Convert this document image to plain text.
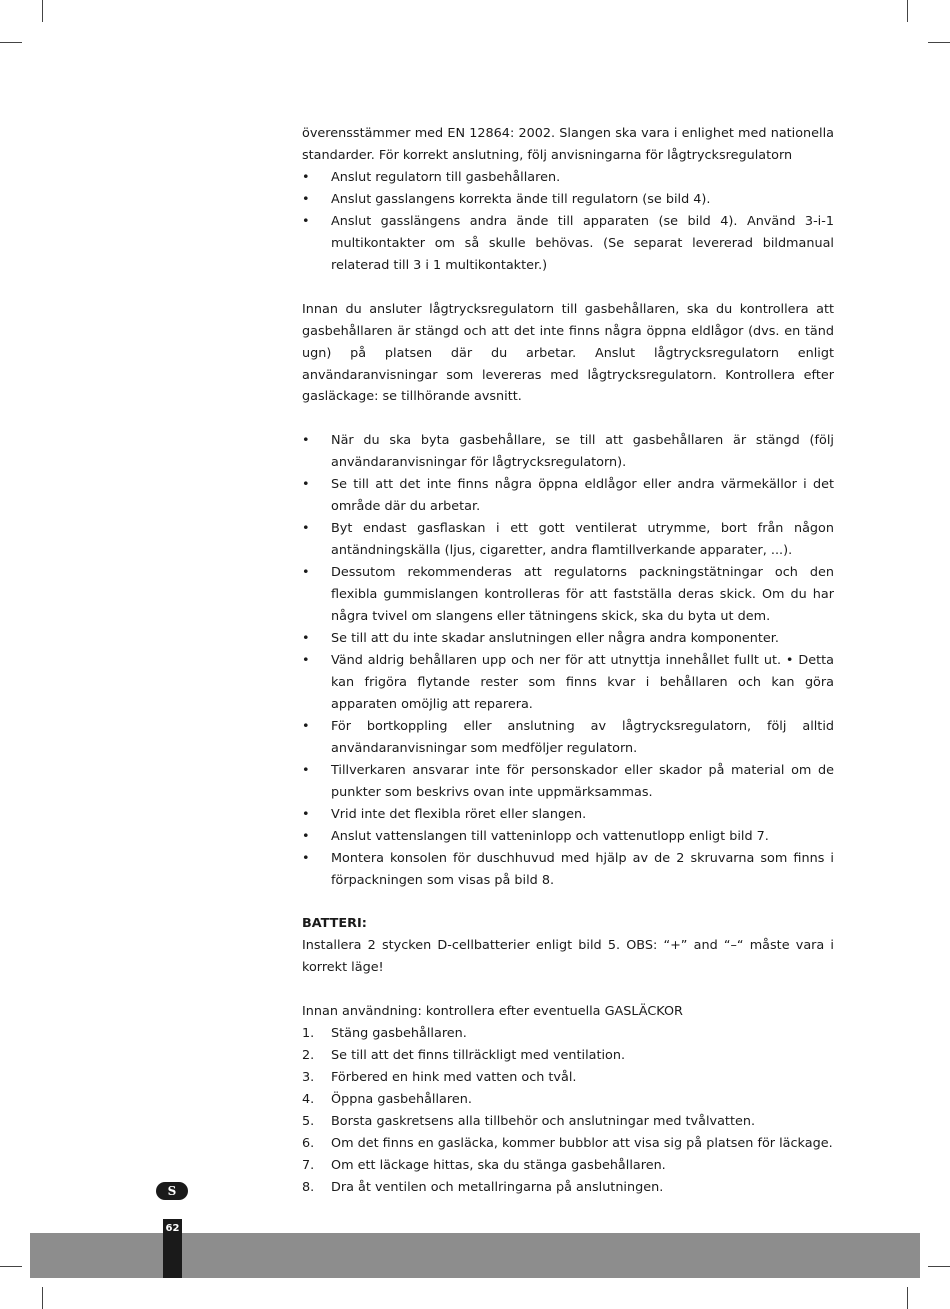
överensstämmer med EN 12864: 2002. Slangen ska vara i enlighet med nationella standarder. För korrekt anslutning, följ anvisningarna för lågtrycksregulatorn

• Anslut regulatorn till gasbehållaren.
• Anslut gasslangens korrekta ände till regulatorn (se bild 4).
• Anslut gasslängens andra ände till apparaten (se bild 4). Använd 3-i-1 multikontakter om så skulle behövas. (Se separat levererad bildmanual relaterad till 3 i 1 multikontakter.)

Innan du ansluter lågtrycksregulatorn till gasbehållaren, ska du kontrollera att gasbehållaren är stängd och att det inte finns några öppna eldlågor (dvs. en tänd ugn) på platsen där du arbetar. Anslut lågtrycksregulatorn enligt användaranvisningar som levereras med lågtrycksregulatorn. Kontrollera efter gasläckage: se tillhörande avsnitt.

• När du ska byta gasbehållare, se till att gasbehållaren är stängd (följ användaranvisningar för lågtrycksregulatorn).
• Se till att det inte finns några öppna eldlågor eller andra värmekällor i det område där du arbetar.
• Byt endast gasflaskan i ett gott ventilerat utrymme, bort från någon antändningskälla (ljus, cigaretter, andra flamtillverkande apparater, ...).
• Dessutom rekommenderas att regulatorns packningstätningar och den flexibla gummislangen kontrolleras för att fastställa deras skick. Om du har några tvivel om slangens eller tätningens skick, ska du byta ut dem.
• Se till att du inte skadar anslutningen eller några andra komponenter.
• Vänd aldrig behållaren upp och ner för att utnyttja innehållet fullt ut. • Detta kan frigöra flytande rester som finns kvar i behållaren och kan göra apparaten omöjlig att reparera.
• För bortkoppling eller anslutning av lågtrycksregulatorn, följ alltid användaranvisningar som medföljer regulatorn.
• Tillverkaren ansvarar inte för personskador eller skador på material om de punkter som beskrivs ovan inte uppmärksammas.
• Vrid inte det flexibla röret eller slangen.
• Anslut vattenslangen till vatteninlopp och vattenutlopp enligt bild 7.
• Montera konsolen för duschhuvud med hjälp av de 2 skruvarna som finns i förpackningen som visas på bild 8.

BATTERI:

Installera 2 stycken D-cellbatterier enligt bild 5. OBS: “+” and “–“ måste vara i korrekt läge!

Innan användning: kontrollera efter eventuella GASLÄCKOR

1. Stäng gasbehållaren.
2. Se till att det finns tillräckligt med ventilation.
3. Förbered en hink med vatten och tvål.
4. Öppna gasbehållaren.
5. Borsta gaskretsens alla tillbehör och anslutningar med tvålvatten.
6. Om det finns en gasläcka, kommer bubblor att visa sig på platsen för läckage.
7. Om ett läckage hittas, ska du stänga gasbehållaren.
8. Dra åt ventilen och metallringarna på anslutningen.
S
62
